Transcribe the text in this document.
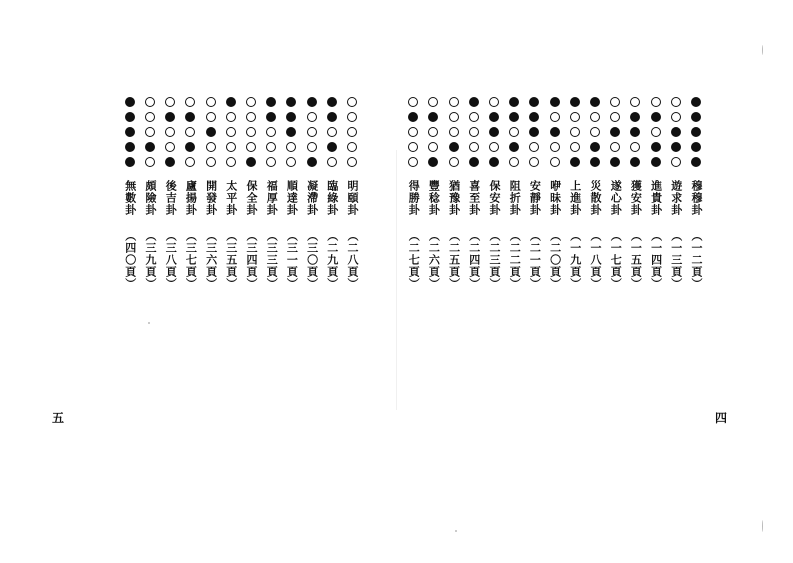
明頤卦 （二八頁）
臨綠卦 （二九頁）
凝滯卦 （三〇頁）
順達卦 （三一頁）
福厚卦 （三三頁）
保全卦 （三四頁）
太平卦 （三五頁）
開發卦 （三六頁）
廬揚卦 （三七頁）
後吉卦 （三八頁）
頗險卦 （三九頁）
無數卦 （四〇頁）
五
穆穆卦 （一二頁）
遊求卦 （一三頁）
進貴卦 （一四頁）
獲安卦 （一五頁）
遂心卦 （一七頁）
災散卦 （一八頁）
上進卦 （一九頁）
咿昧卦 （二〇頁）
安靜卦 （二一頁）
阻折卦 （二二頁）
保安卦 （二三頁）
喜至卦 （二四頁）
猶豫卦 （二五頁）
豐稔卦 （二六頁）
得勝卦 （二七頁）
四
